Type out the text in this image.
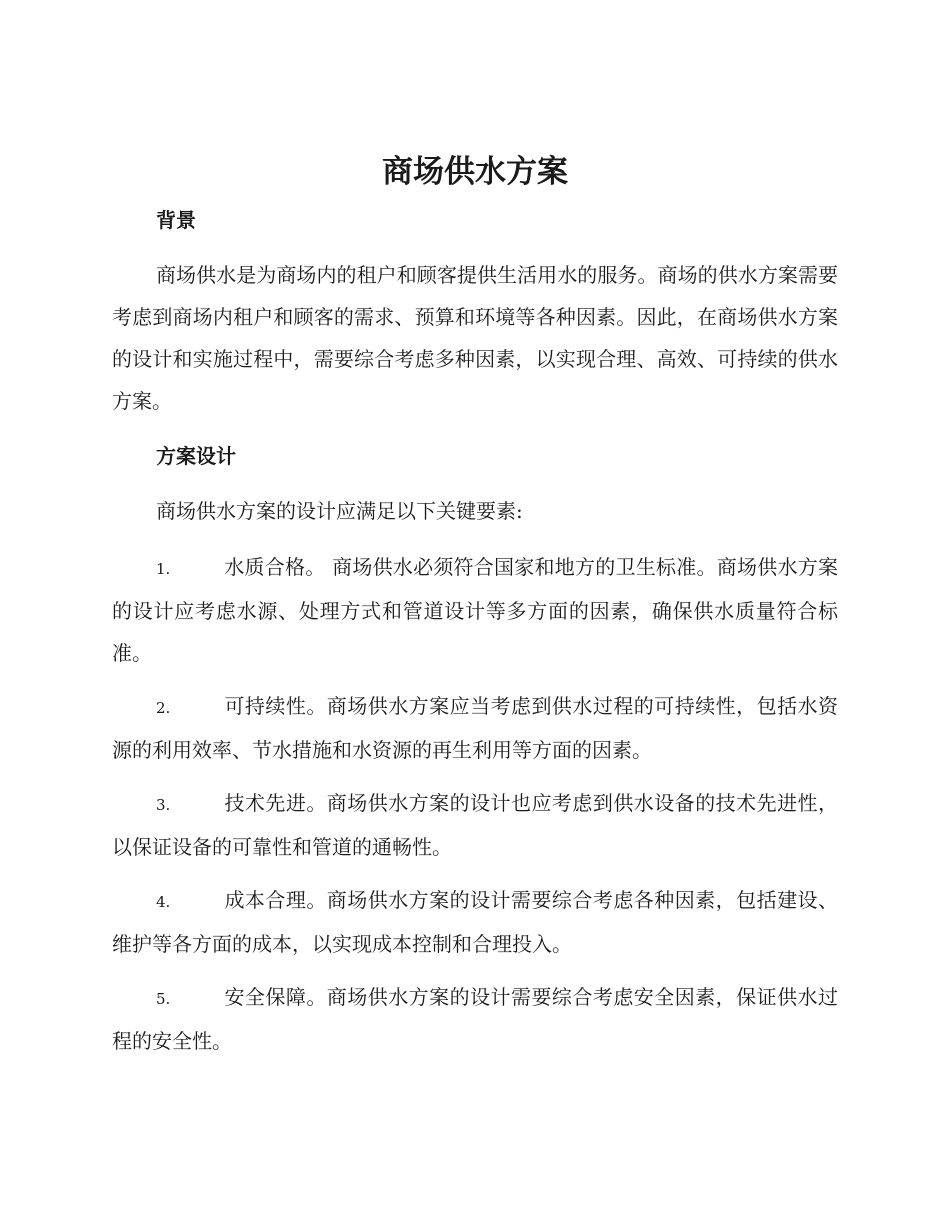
商场供水方案
背景

商场供水是为商场内的租户和顾客提供生活用水的服务。商场的供水方案需要考虑到商场内租户和顾客的需求、预算和环境等各种因素。因此，在商场供水方案的设计和实施过程中，需要综合考虑多种因素，以实现合理、高效、可持续的供水方案。

方案设计

商场供水方案的设计应满足以下关键要素:

1.	水质合格。 商场供水必须符合国家和地方的卫生标准。商场供水方案的设计应考虑水源、处理方式和管道设计等多方面的因素，确保供水质量符合标准。

2.	可持续性。商场供水方案应当考虑到供水过程的可持续性，包括水资源的利用效率、节水措施和水资源的再生利用等方面的因素。

3.	技术先进。商场供水方案的设计也应考虑到供水设备的技术先进性，以保证设备的可靠性和管道的通畅性。

4.	成本合理。商场供水方案的设计需要综合考虑各种因素，包括建设、维护等各方面的成本，以实现成本控制和合理投入。

5.	安全保障。商场供水方案的设计需要综合考虑安全因素，保证供水过程的安全性。
